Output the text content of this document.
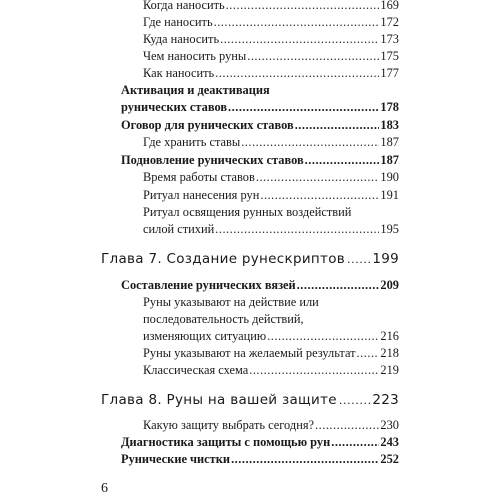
Когда наносить .....	169
Где наносить .....	172
Куда наносить .....	173
Чем наносить руны .....	175
Как наносить .....	177
Активация и деактивация
рунических ставов .....	178
Оговор для рунических ставов .....	183
Где хранить ставы .....	187
Подновление рунических ставов .....	187
Время работы ставов .....	190
Ритуал нанесения рун .....	191
Ритуал освящения рунных воздействий
силой стихий .....	195
Глава 7. Создание рунескриптов ..... 199
Составление рунических вязей .....	209
Руны указывают на действие или
последовательность действий,
изменяющих ситуацию .....	216
Руны указывают на желаемый результат ..... 218
Классическая схема .....	219
Глава 8. Руны на вашей защите .....	223
Какую защиту выбрать сегодня? .....	230
Диагностика защиты с помощью рун .....	243
Рунические чистки .....	252
6
